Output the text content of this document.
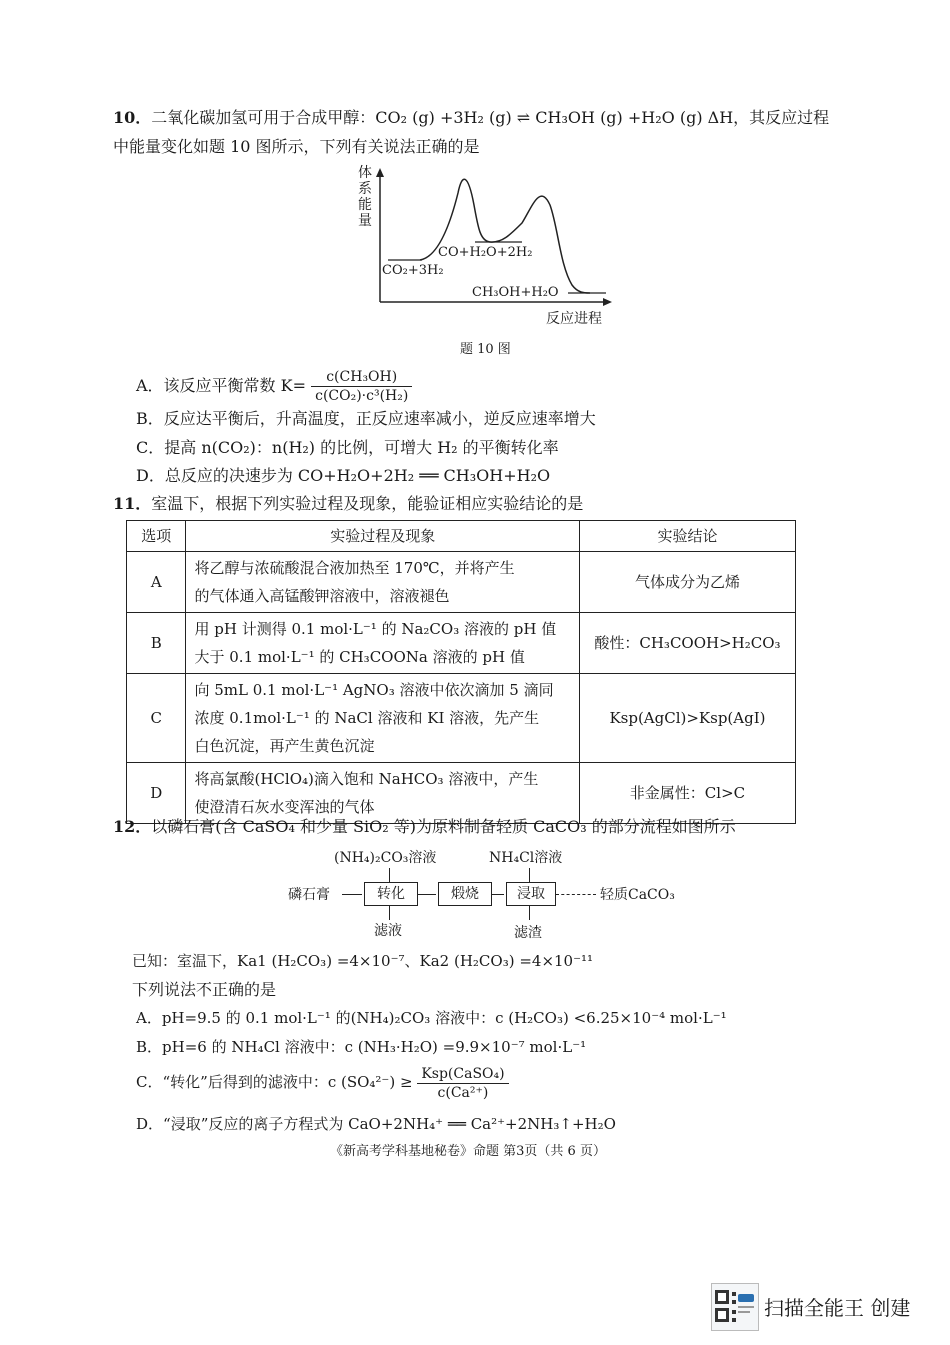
10．二氧化碳加氢可用于合成甲醇：CO₂ (g) +3H₂ (g) ⇌ CH₃OH (g) +H₂O (g) ΔH，其反应过程
中能量变化如题 10 图所示，下列有关说法正确的是
体系能量
CO₂+3H₂
CO+H₂O+2H₂
CH₃OH+H₂O
反应进程
题 10 图
A．该反应平衡常数 $K= \frac{\text{c(CH₃OH)}}{\text{c(CO₂)·c³(H₂)}}$
B．反应达平衡后，升高温度，正反应速率减小，逆反应速率增大
C．提高 n(CO₂)：n(H₂) 的比例，可增大 H₂ 的平衡转化率
D．总反应的决速步为 CO+H₂O+2H₂ ══ CH₃OH+H₂O
11．室温下，根据下列实验过程及现象，能验证相应实验结论的是
选项	实验过程及现象	实验结论
A	将乙醇与浓硫酸混合液加热至 170℃，并将产生
的气体通入高锰酸钾溶液中，溶液褪色	气体成分为乙烯
B	用 pH 计测得 0.1 mol·L⁻¹ 的 Na₂CO₃ 溶液的 pH 值
大于 0.1 mol·L⁻¹ 的 CH₃COONa 溶液的 pH 值	酸性：CH₃COOH>H₂CO₃
C	向 5mL 0.1 mol·L⁻¹ AgNO₃ 溶液中依次滴加 5 滴同
浓度 0.1mol·L⁻¹ 的 NaCl 溶液和 KI 溶液，先产生
白色沉淀，再产生黄色沉淀	Ksp(AgCl)>Ksp(AgI)
D	将高氯酸(HClO₄)滴入饱和 NaHCO₃ 溶液中，产生
使澄清石灰水变浑浊的气体	非金属性：Cl>C
12．以磷石膏(含 CaSO₄ 和少量 SiO₂ 等)为原料制备轻质 CaCO₃ 的部分流程如图所示
(NH₄)₂CO₃溶液	NH₄Cl溶液
磷石膏	转化	煅烧	浸取	轻质CaCO₃
滤液	滤渣
已知：室温下，Ka1 (H₂CO₃) =4×10⁻⁷、Ka2 (H₂CO₃) =4×10⁻¹¹
下列说法不正确的是
A．pH=9.5 的 0.1 mol·L⁻¹ 的(NH₄)₂CO₃ 溶液中：c (H₂CO₃) <6.25×10⁻⁴ mol·L⁻¹
B．pH=6 的 NH₄Cl 溶液中：c (NH₃·H₂O) =9.9×10⁻⁷ mol·L⁻¹
C．“转化”后得到的滤液中：c $(SO_4^{2-}) \ge \frac{\text{Ksp(CaSO₄)}}{\text{c(Ca²⁺)}}$
D．“浸取”反应的离子方程式为 CaO+2NH₄⁺ ══ Ca²⁺+2NH₃↑+H₂O
《新高考学科基地秘卷》命题 第3页（共 6 页）
扫描全能王 创建
